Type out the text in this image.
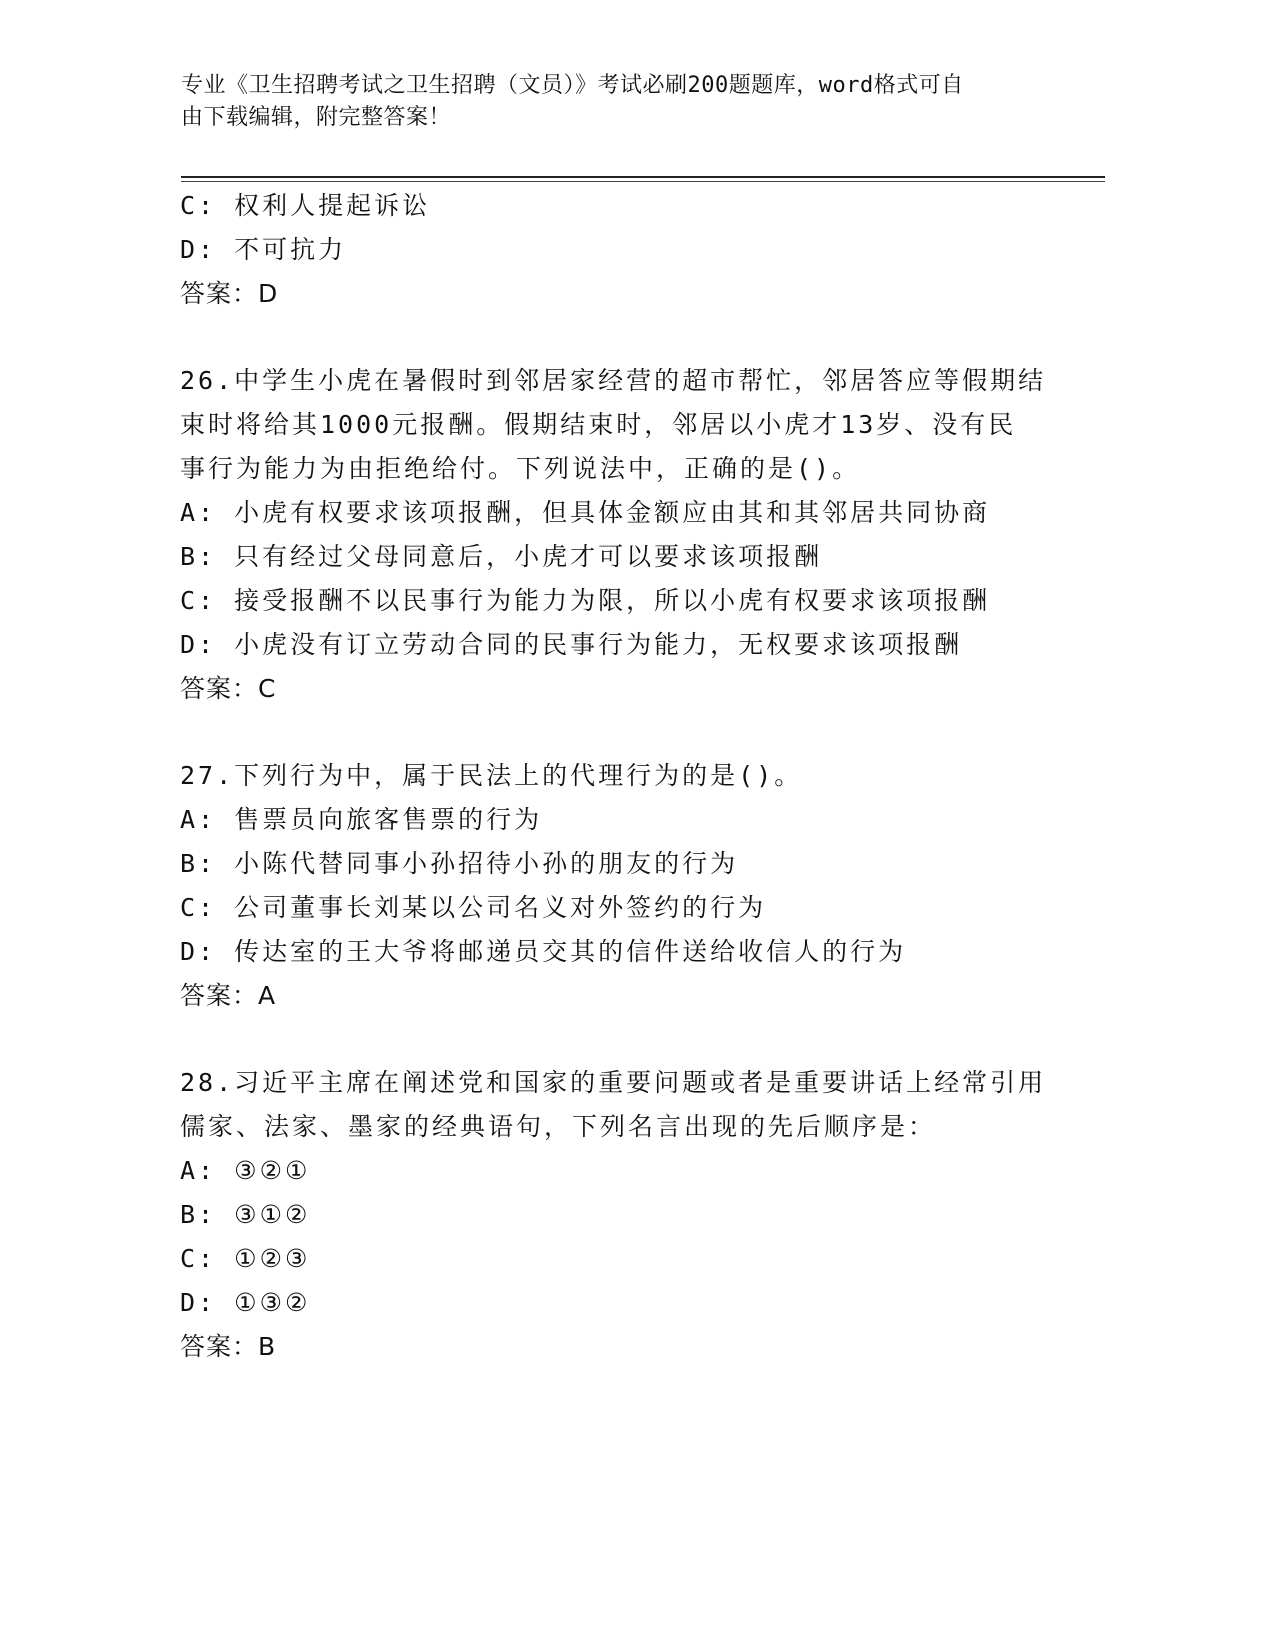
专业《卫生招聘考试之卫生招聘（文员）》考试必刷200题题库，word格式可自
由下载编辑，附完整答案！
C: 权利人提起诉讼
D: 不可抗力
答案：D
26.中学生小虎在暑假时到邻居家经营的超市帮忙，邻居答应等假期结
束时将给其1000元报酬。假期结束时，邻居以小虎才13岁、没有民
事行为能力为由拒绝给付。下列说法中，正确的是()。
A: 小虎有权要求该项报酬，但具体金额应由其和其邻居共同协商
B: 只有经过父母同意后，小虎才可以要求该项报酬
C: 接受报酬不以民事行为能力为限，所以小虎有权要求该项报酬
D: 小虎没有订立劳动合同的民事行为能力，无权要求该项报酬
答案：C
27.下列行为中，属于民法上的代理行为的是()。
A: 售票员向旅客售票的行为
B: 小陈代替同事小孙招待小孙的朋友的行为
C: 公司董事长刘某以公司名义对外签约的行为
D: 传达室的王大爷将邮递员交其的信件送给收信人的行为
答案：A
28.习近平主席在阐述党和国家的重要问题或者是重要讲话上经常引用
儒家、法家、墨家的经典语句，下列名言出现的先后顺序是：
A: ③②①
B: ③①②
C: ①②③
D: ①③②
答案：B
